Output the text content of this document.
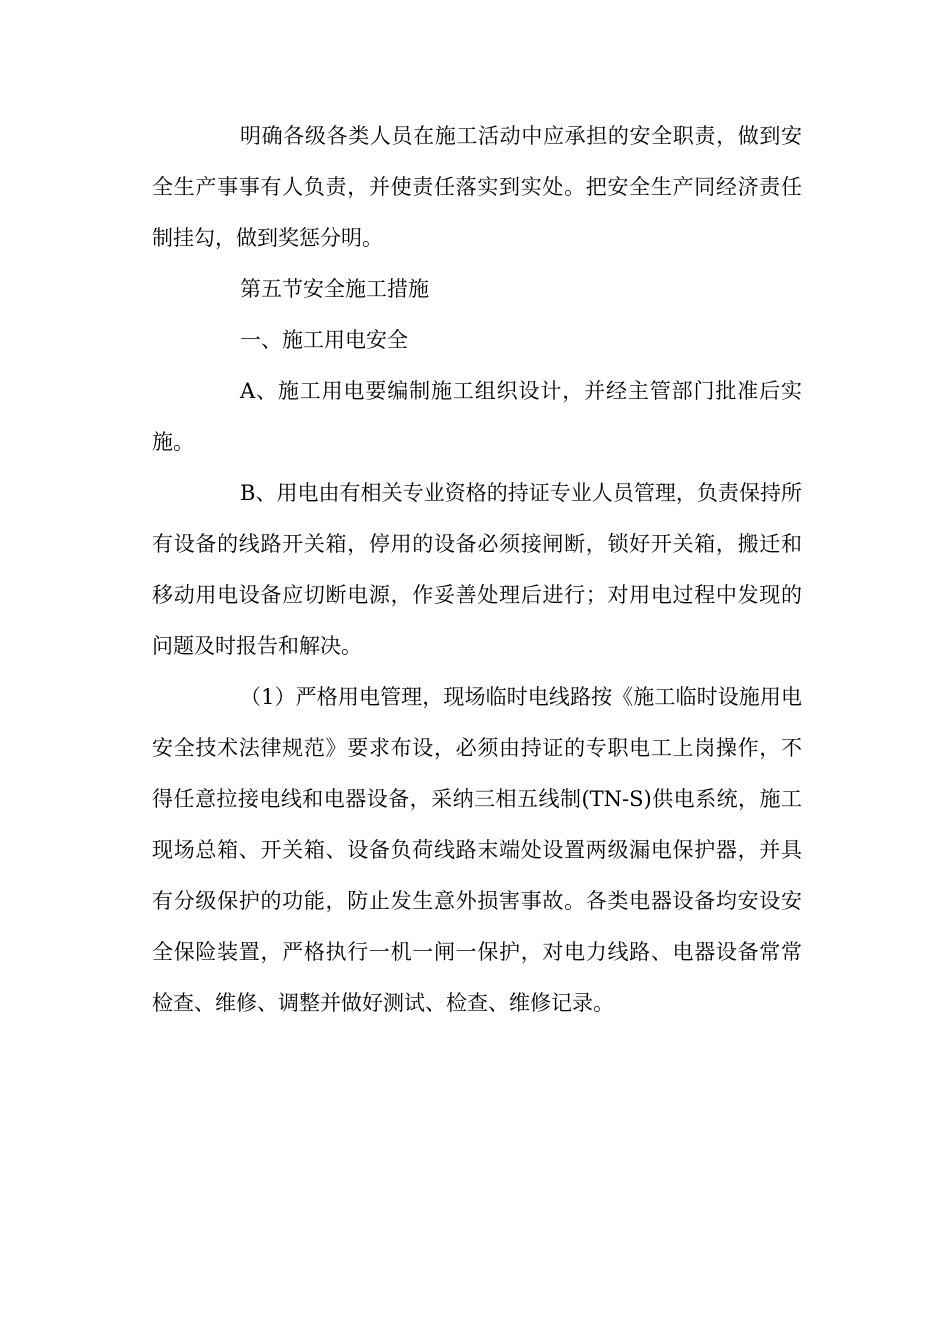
明确各级各类人员在施工活动中应承担的安全职责，做到安全生产事事有人负责，并使责任落实到实处。把安全生产同经济责任制挂勾，做到奖惩分明。

第五节安全施工措施

一、施工用电安全

A、施工用电要编制施工组织设计，并经主管部门批准后实施。

B、用电由有相关专业资格的持证专业人员管理，负责保持所有设备的线路开关箱，停用的设备必须接闸断，锁好开关箱，搬迁和移动用电设备应切断电源，作妥善处理后进行；对用电过程中发现的问题及时报告和解决。

（1）严格用电管理，现场临时电线路按《施工临时设施用电安全技术法律规范》要求布设，必须由持证的专职电工上岗操作，不得任意拉接电线和电器设备，采纳三相五线制(TN-S)供电系统，施工现场总箱、开关箱、设备负荷线路末端处设置两级漏电保护器，并具有分级保护的功能，防止发生意外损害事故。各类电器设备均安设安全保险装置，严格执行一机一闸一保护，对电力线路、电器设备常常检查、维修、调整并做好测试、检查、维修记录。
